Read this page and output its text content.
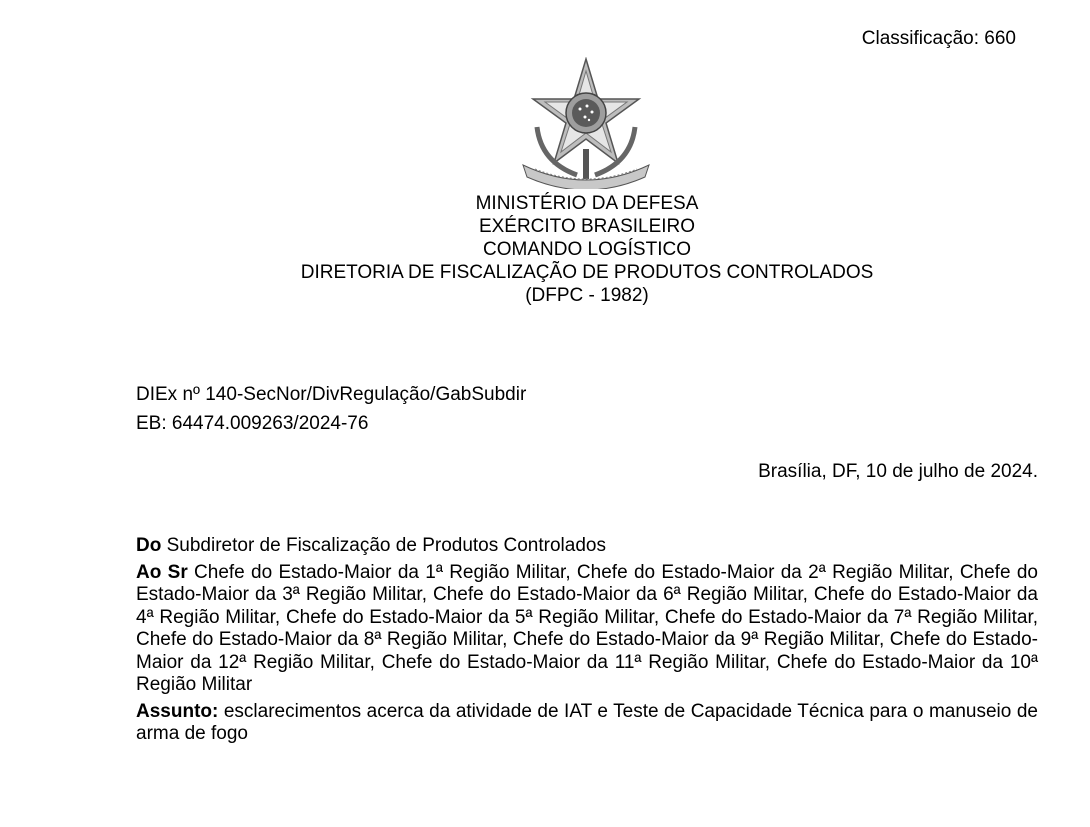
Classificação: 660
MINISTÉRIO DA DEFESA
EXÉRCITO BRASILEIRO
COMANDO LOGÍSTICO
DIRETORIA DE FISCALIZAÇÃO DE PRODUTOS CONTROLADOS
(DFPC - 1982)
DIEx nº 140-SecNor/DivRegulação/GabSubdir
EB: 64474.009263/2024-76
Brasília, DF, 10 de julho de 2024.

Do Subdiretor de Fiscalização de Produtos Controlados

Ao Sr Chefe do Estado-Maior da 1ª Região Militar, Chefe do Estado-Maior da 2ª Região Militar, Chefe do Estado-Maior da 3ª Região Militar, Chefe do Estado-Maior da 6ª Região Militar, Chefe do Estado-Maior da 4ª Região Militar, Chefe do Estado-Maior da 5ª Região Militar, Chefe do Estado-Maior da 7ª Região Militar, Chefe do Estado-Maior da 8ª Região Militar, Chefe do Estado-Maior da 9ª Região Militar, Chefe do Estado-Maior da 12ª Região Militar, Chefe do Estado-Maior da 11ª Região Militar, Chefe do Estado-Maior da 10ª Região Militar

Assunto: esclarecimentos acerca da atividade de IAT e Teste de Capacidade Técnica para o manuseio de arma de fogo
